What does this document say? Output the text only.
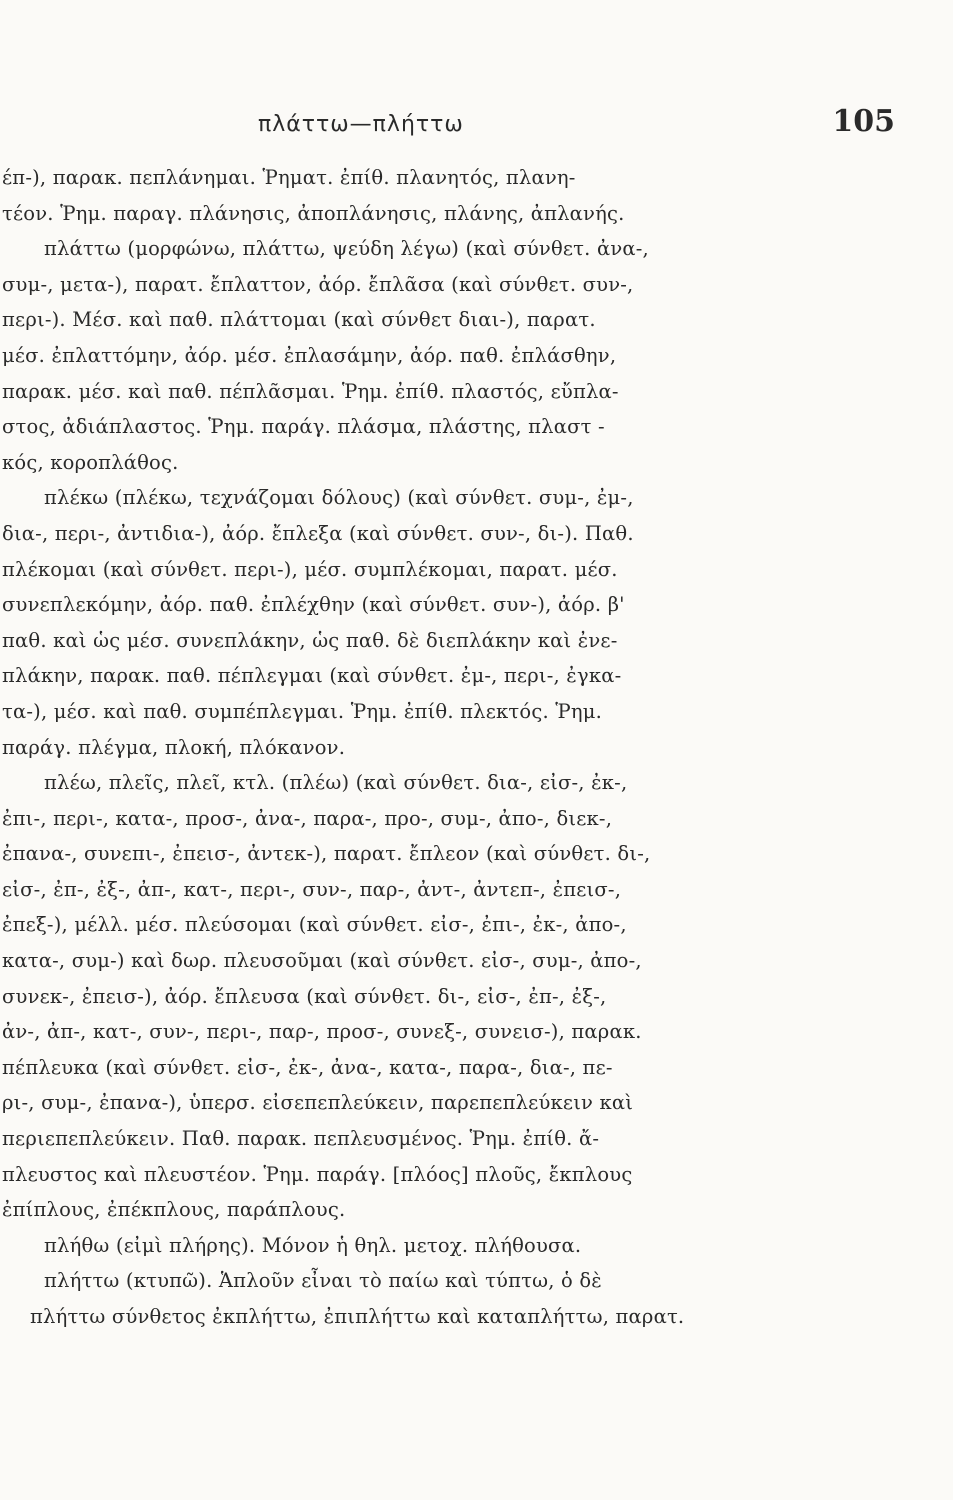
πλάττω—πλήττω	105
έπ-), παρακ. πεπλάνημαι. Ῥηματ. ἐπίθ. πλανητός, πλανη-
τέον. Ῥημ. παραγ. πλάνησις, ἀποπλάνησις, πλάνης, ἀπλανής.
πλάττω (μορφώνω, πλάττω, ψεύδη λέγω) (καὶ σύνθετ. ἀνα-,
συμ-, μετα-), παρατ. ἔπλαττον, ἀόρ. ἔπλᾶσα (καὶ σύνθετ. συν-,
περι-). Μέσ. καὶ παθ. πλάττομαι (καὶ σύνθετ διαι-), παρατ.
μέσ. ἐπλαττόμην, ἀόρ. μέσ. ἐπλασάμην, ἀόρ. παθ. ἐπλάσθην,
παρακ. μέσ. καὶ παθ. πέπλᾶσμαι. Ῥημ. ἐπίθ. πλαστός, εὔπλα-
στος, ἀδιάπλαστος. Ῥημ. παράγ. πλάσμα, πλάστης, πλαστ -
κός, κοροπλάθος.
πλέκω (πλέκω, τεχνάζομαι δόλους) (καὶ σύνθετ. συμ-, ἐμ-,
δια-, περι-, ἀντιδια-), ἀόρ. ἔπλεξα (καὶ σύνθετ. συν-, δι-). Παθ.
πλέκομαι (καὶ σύνθετ. περι-), μέσ. συμπλέκομαι, παρατ. μέσ.
συνεπλεκόμην, ἀόρ. παθ. ἐπλέχθην (καὶ σύνθετ. συν-), ἀόρ. β'
παθ. καὶ ὡς μέσ. συνεπλάκην, ὡς παθ. δὲ διεπλάκην καὶ ἐνε-
πλάκην, παρακ. παθ. πέπλεγμαι (καὶ σύνθετ. ἐμ-, περι-, ἐγκα-
τα-), μέσ. καὶ παθ. συμπέπλεγμαι. Ῥημ. ἐπίθ. πλεκτός. Ῥημ.
παράγ. πλέγμα, πλοκή, πλόκανον.
πλέω, πλεῖς, πλεῖ, κτλ. (πλέω) (καὶ σύνθετ. δια-, εἰσ-, ἐκ-,
ἐπι-, περι-, κατα-, προσ-, ἀνα-, παρα-, προ-, συμ-, ἀπο-, διεκ-,
ἐπανα-, συνεπι-, ἐπεισ-, ἀντεκ-), παρατ. ἔπλεον (καὶ σύνθετ. δι-,
εἰσ-, ἐπ-, ἐξ-, ἀπ-, κατ-, περι-, συν-, παρ-, ἀντ-, ἀντεπ-, ἐπεισ-,
ἐπεξ-), μέλλ. μέσ. πλεύσομαι (καὶ σύνθετ. εἰσ-, ἐπι-, ἐκ-, ἀπο-,
κατα-, συμ-) καὶ δωρ. πλευσοῦμαι (καὶ σύνθετ. εἰσ-, συμ-, ἀπο-,
συνεκ-, ἐπεισ-), ἀόρ. ἔπλευσα (καὶ σύνθετ. δι-, εἰσ-, ἐπ-, ἐξ-,
ἀν-, ἀπ-, κατ-, συν-, περι-, παρ-, προσ-, συνεξ-, συνεισ-), παρακ.
πέπλευκα (καὶ σύνθετ. εἰσ-, ἐκ-, ἀνα-, κατα-, παρα-, δια-, πε-
ρι-, συμ-, ἐπανα-), ὑπερσ. εἰσεπεπλεύκειν, παρεπεπλεύκειν καὶ
περιεπεπλεύκειν. Παθ. παρακ. πεπλευσμένος. Ῥημ. ἐπίθ. ἄ-
πλευστος καὶ πλευστέον. Ῥημ. παράγ. [πλόος] πλοῦς, ἔκπλους
ἐπίπλους, ἐπέκπλους, παράπλους.
πλήθω (εἰμὶ πλήρης). Μόνον ἡ θηλ. μετοχ. πλήθουσα.
πλήττω (κτυπῶ). Ἁπλοῦν εἶναι τὸ παίω καὶ τύπτω, ὁ δὲ
πλήττω σύνθετος ἐκπλήττω, ἐπιπλήττω καὶ καταπλήττω, παρατ.
